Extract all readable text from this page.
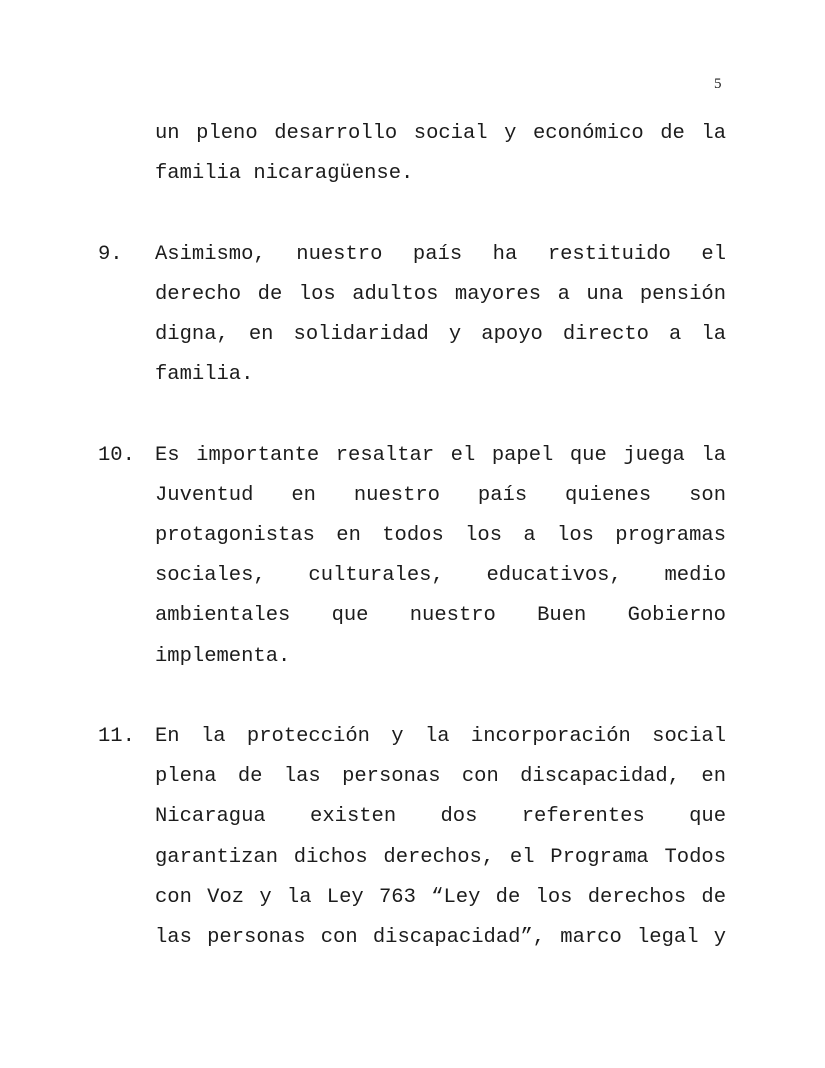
5

un pleno desarrollo social y económico de la familia nicaragüense.

9. Asimismo, nuestro país ha restituido el derecho de los adultos mayores a una pensión digna, en solidaridad y apoyo directo a la familia.

10. Es importante resaltar el papel que juega la Juventud en nuestro país quienes son protagonistas en todos los a los programas sociales, culturales, educativos, medio ambientales que nuestro Buen Gobierno implementa.

11. En la protección y la incorporación social plena de las personas con discapacidad, en Nicaragua existen dos referentes que garantizan dichos derechos, el Programa Todos con Voz y la Ley 763 “Ley de los derechos de las personas con discapacidad”, marco legal y
